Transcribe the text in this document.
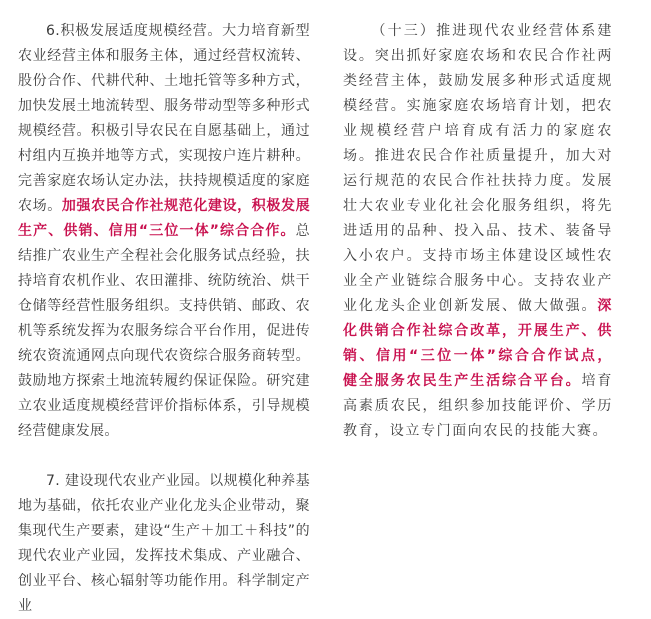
6.积极发展适度规模经营。大力培育新型农业经营主体和服务主体，通过经营权流转、股份合作、代耕代种、土地托管等多种方式，加快发展土地流转型、服务带动型等多种形式规模经营。积极引导农民在自愿基础上，通过村组内互换并地等方式，实现按户连片耕种。完善家庭农场认定办法，扶持规模适度的家庭农场。加强农民合作社规范化建设，积极发展生产、供销、信用“三位一体”综合合作。总结推广农业生产全程社会化服务试点经验，扶持培育农机作业、农田灌排、统防统治、烘干仓储等经营性服务组织。支持供销、邮政、农机等系统发挥为农服务综合平台作用，促进传统农资流通网点向现代农资综合服务商转型。鼓励地方探索土地流转履约保证保险。研究建立农业适度规模经营评价指标体系，引导规模经营健康发展。

7. 建设现代农业产业园。以规模化种养基地为基础，依托农业产业化龙头企业带动，聚集现代生产要素，建设“生产＋加工＋科技”的现代农业产业园，发挥技术集成、产业融合、创业平台、核心辐射等功能作用。科学制定产业

（十三）推进现代农业经营体系建设。突出抓好家庭农场和农民合作社两类经营主体，鼓励发展多种形式适度规模经营。实施家庭农场培育计划，把农业规模经营户培育成有活力的家庭农场。推进农民合作社质量提升，加大对运行规范的农民合作社扶持力度。发展壮大农业专业化社会化服务组织，将先进适用的品种、投入品、技术、装备导入小农户。支持市场主体建设区域性农业全产业链综合服务中心。支持农业产业化龙头企业创新发展、做大做强。深化供销合作社综合改革，开展生产、供销、信用“三位一体”综合合作试点，健全服务农民生产生活综合平台。培育高素质农民，组织参加技能评价、学历教育，设立专门面向农民的技能大赛。
